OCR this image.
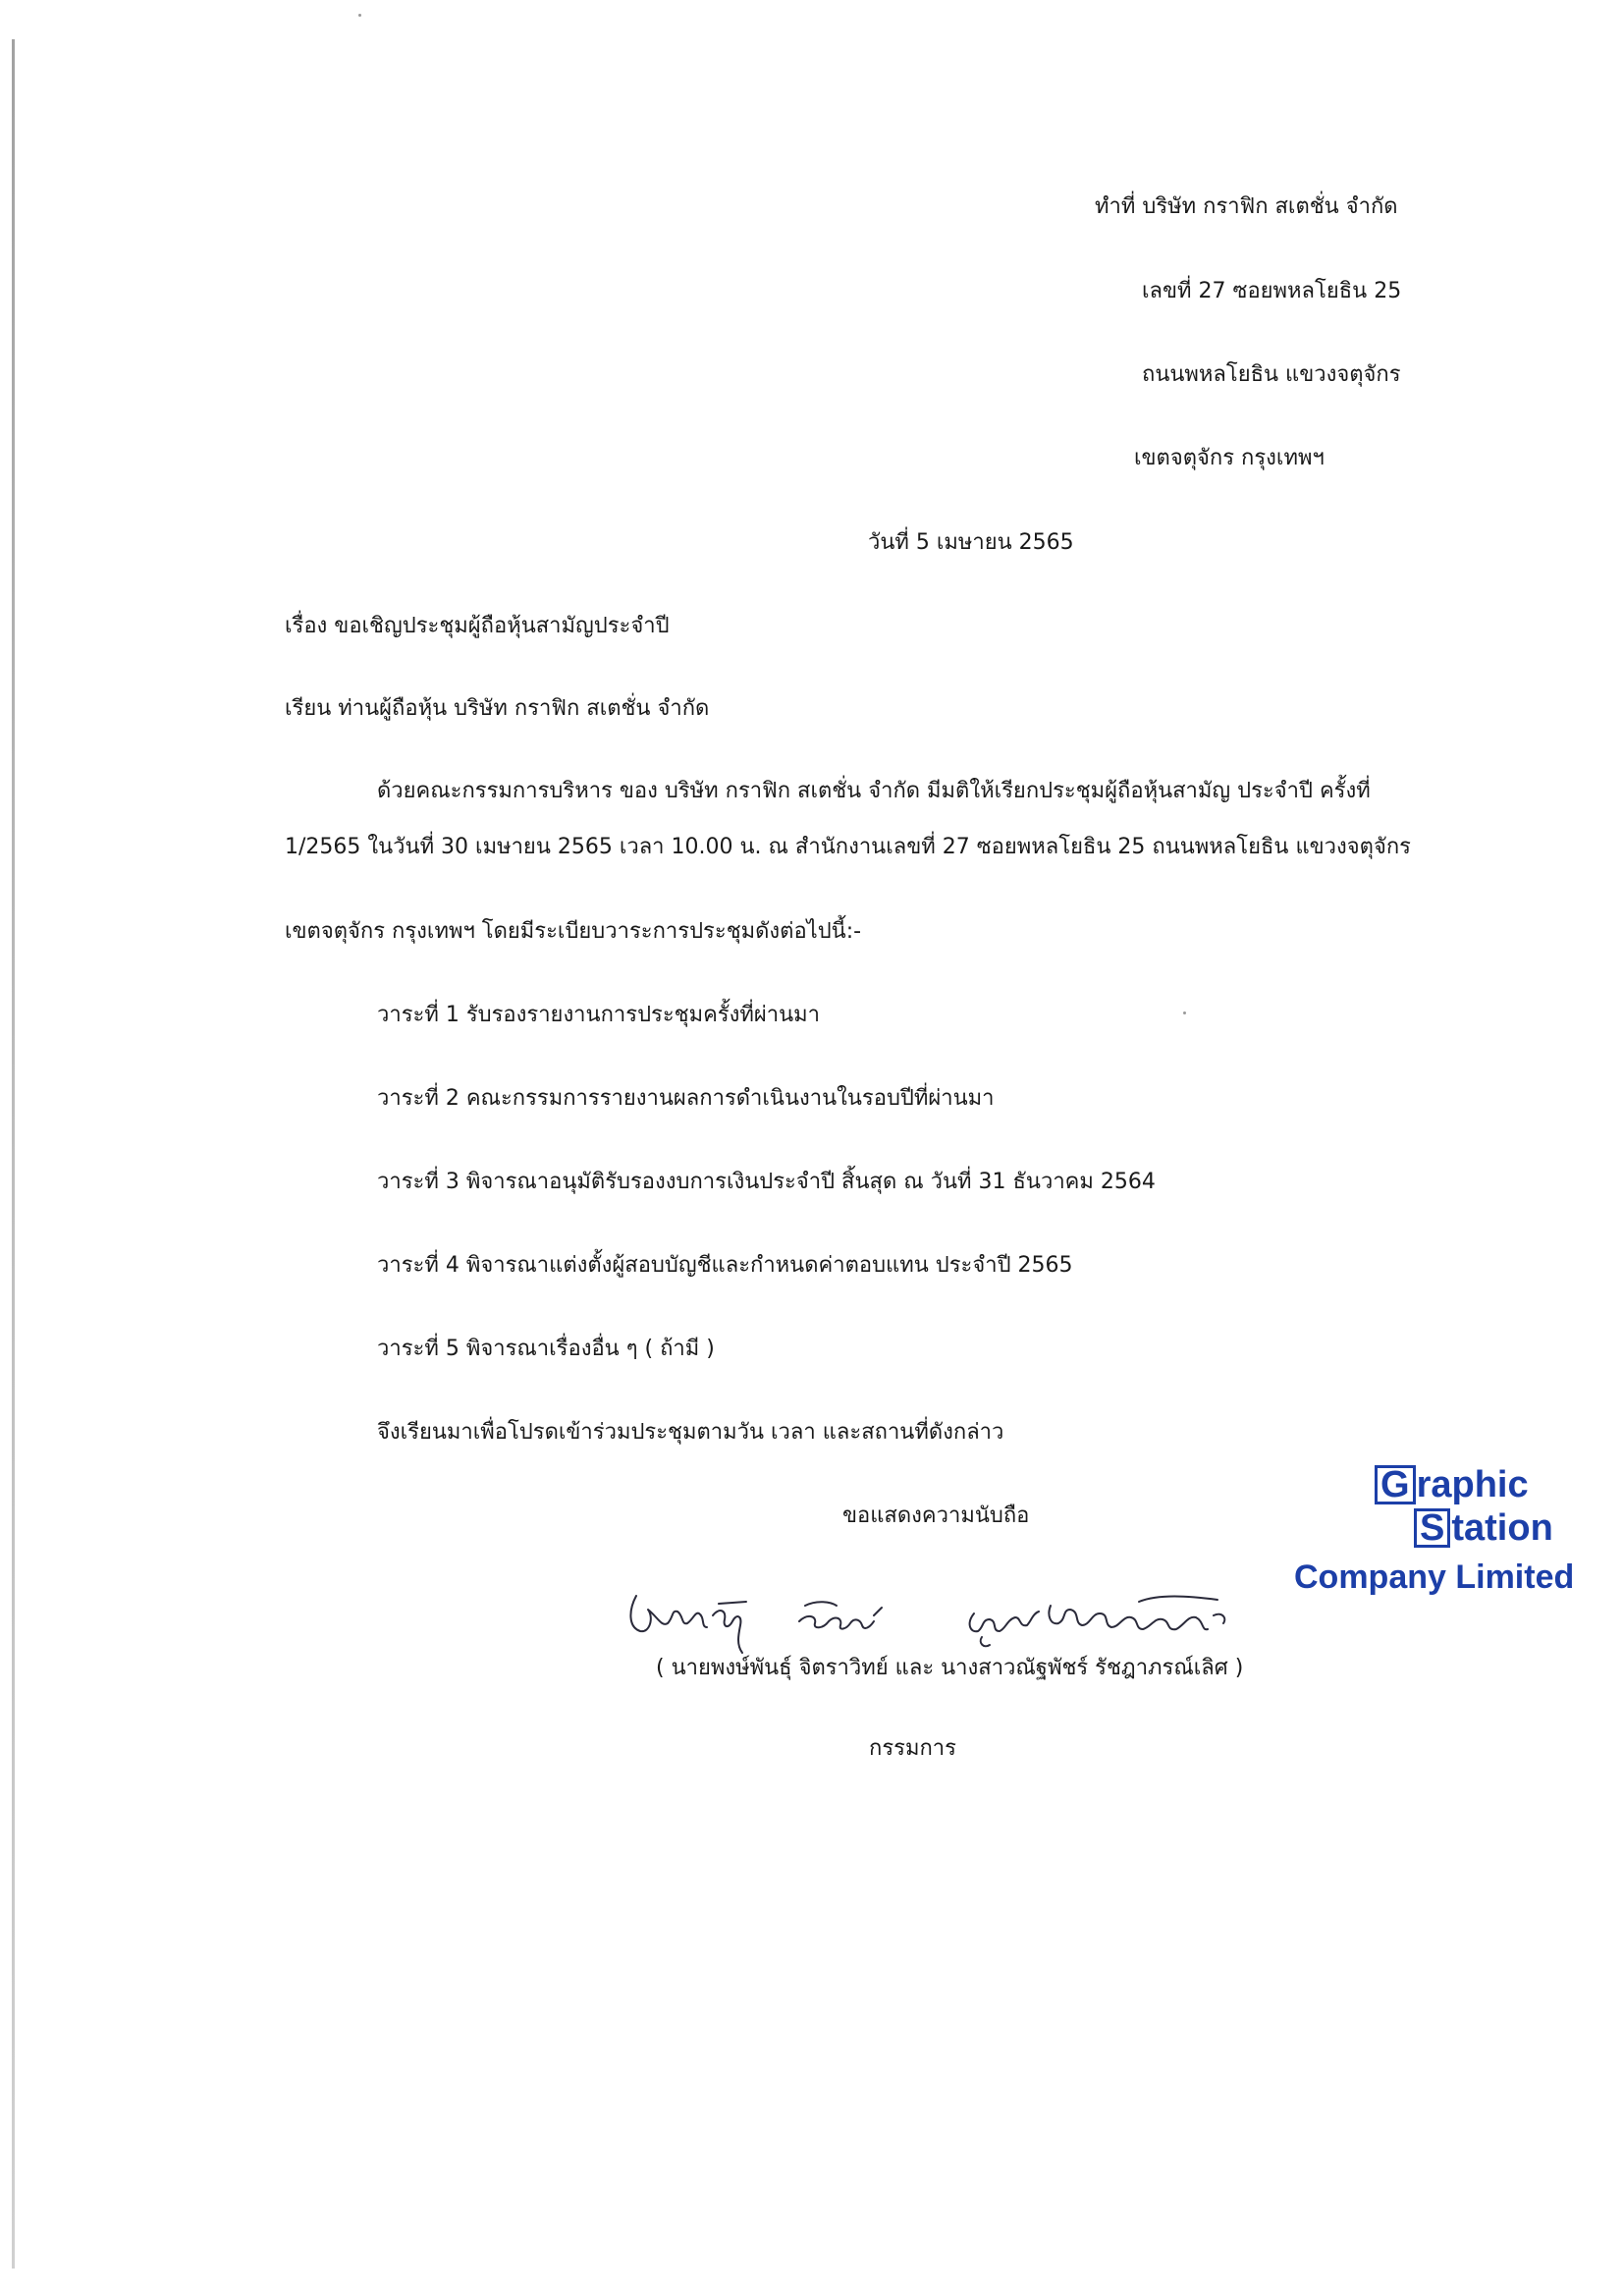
ทำที่ บริษัท กราฟิก สเตชั่น จำกัด
เลขที่ 27 ซอยพหลโยธิน 25
ถนนพหลโยธิน แขวงจตุจักร
เขตจตุจักร กรุงเทพฯ
วันที่ 5 เมษายน 2565
เรื่อง ขอเชิญประชุมผู้ถือหุ้นสามัญประจำปี
เรียน ท่านผู้ถือหุ้น บริษัท กราฟิก สเตชั่น จำกัด
ด้วยคณะกรรมการบริหาร ของ บริษัท กราฟิก สเตชั่น จำกัด มีมติให้เรียกประชุมผู้ถือหุ้นสามัญ ประจำปี ครั้งที่
1/2565 ในวันที่ 30 เมษายน 2565 เวลา 10.00 น. ณ สำนักงานเลขที่ 27 ซอยพหลโยธิน 25 ถนนพหลโยธิน แขวงจตุจักร
เขตจตุจักร กรุงเทพฯ โดยมีระเบียบวาระการประชุมดังต่อไปนี้:-
วาระที่ 1 รับรองรายงานการประชุมครั้งที่ผ่านมา
วาระที่ 2 คณะกรรมการรายงานผลการดำเนินงานในรอบปีที่ผ่านมา
วาระที่ 3 พิจารณาอนุมัติรับรองงบการเงินประจำปี สิ้นสุด ณ วันที่ 31 ธันวาคม 2564
วาระที่ 4 พิจารณาแต่งตั้งผู้สอบบัญชีและกำหนดค่าตอบแทน ประจำปี 2565
วาระที่ 5 พิจารณาเรื่องอื่น ๆ ( ถ้ามี )
จึงเรียนมาเพื่อโปรดเข้าร่วมประชุมตามวัน เวลา และสถานที่ดังกล่าว
ขอแสดงความนับถือ
G raphic
S tation
Company Limited
( นายพงษ์พันธุ์ จิตราวิทย์ และ นางสาวณัฐพัชร์ รัชฎาภรณ์เลิศ )
กรรมการ
